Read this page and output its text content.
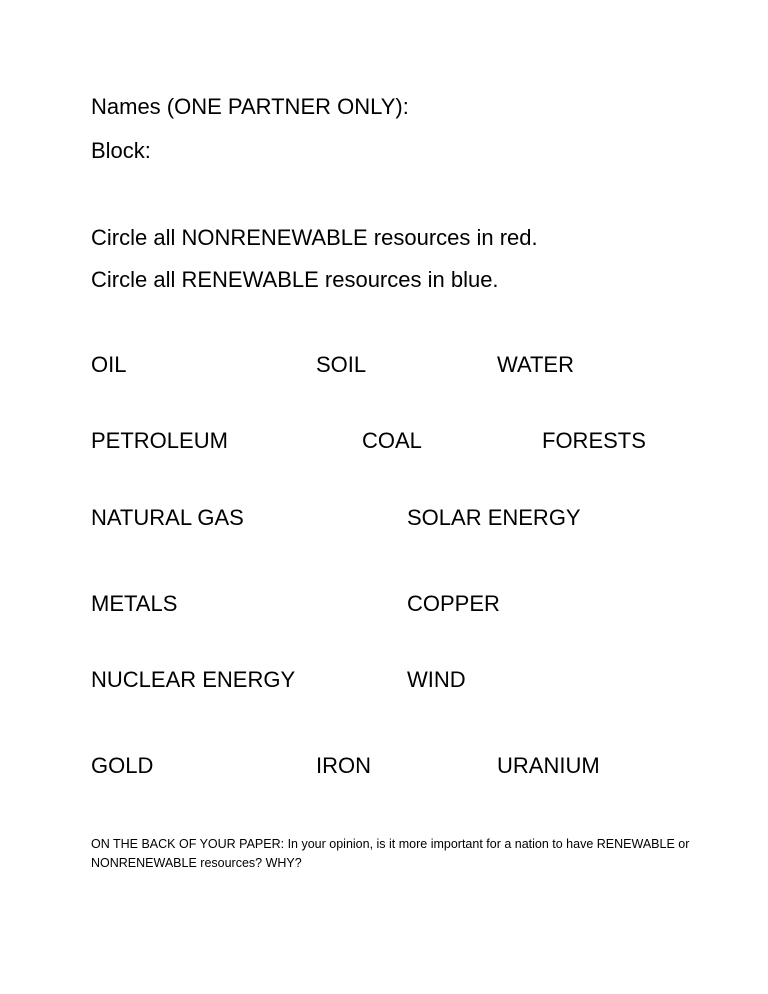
Names (ONE PARTNER ONLY):
Block:
Circle all NONRENEWABLE resources in red.
Circle all RENEWABLE resources in blue.
OIL	SOIL	WATER
PETROLEUM	COAL	FORESTS
NATURAL GAS	SOLAR ENERGY
METALS	COPPER
NUCLEAR ENERGY	WIND
GOLD	IRON	URANIUM
ON THE BACK OF YOUR PAPER: In your opinion, is it more important for a nation to have RENEWABLE or NONRENEWABLE resources? WHY?
